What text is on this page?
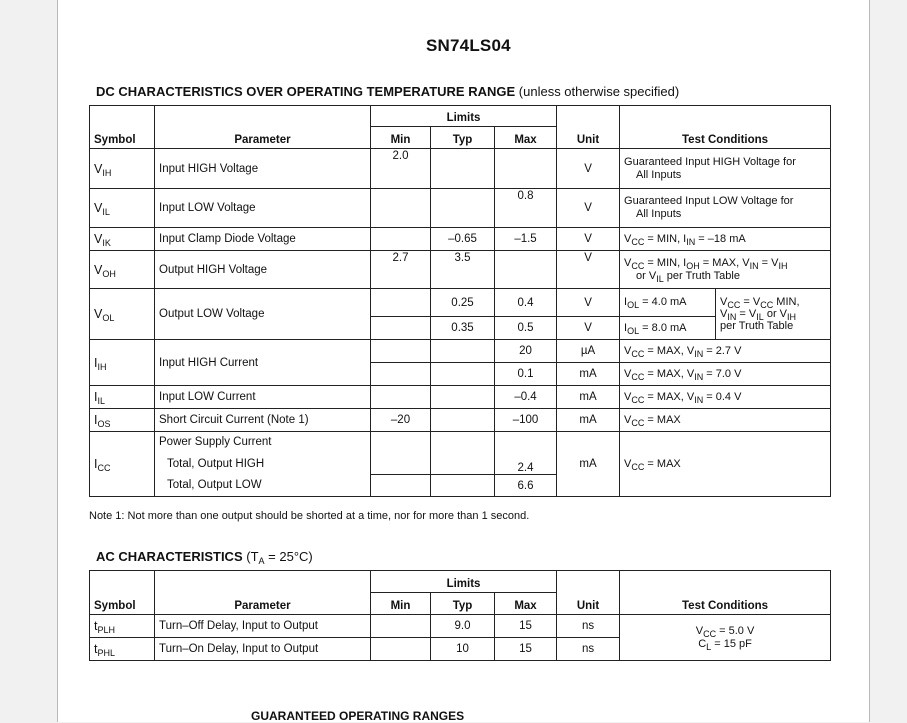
SN74LS04
DC CHARACTERISTICS OVER OPERATING TEMPERATURE RANGE (unless otherwise specified)
		Limits					
Symbol	Parameter	Min	Typ	Max	Unit	Test Conditions	
$V_{IH}$	Input HIGH Voltage	2.0			V	Guaranteed Input HIGH Voltage for
All Inputs	

$V_{IL}$	Input LOW Voltage			0.8	V	Guaranteed Input LOW Voltage for
All Inputs	

$V_{IK}$	Input Clamp Diode Voltage		–0.65	–1.5	V	$V_{CC}$ = MIN, $I_{IN} = -18$ mA	
$V_{OH}$	Output HIGH Voltage	2.7	3.5		V	$V_{CC}$ = MIN, $I_{OH}$ = MAX, $V_{IN} = V_{IH}$
or $V_{IL}$ per Truth Table	

$V_{OL}$	Output LOW Voltage		0.25	0.4	V	$I_{OL} = 4.0$ mA	$V_{CC} = V_{CC}$ MIN,
$V_{IN} = V_{IL}$ or $V_{IH}$
per Truth Table

			0.35	0.5	V	$I_{OL} = 8.0$ mA	
$I_{IH}$	Input HIGH Current			20	µA	$V_{CC}$ = MAX, $V_{IN} = 2.7$ V	
				0.1	mA	$V_{CC}$ = MAX, $V_{IN} = 7.0$ V	
$I_{IL}$	Input LOW Current			–0.4	mA	$V_{CC}$ = MAX, $V_{IN} = 0.4$ V	
$I_{OS}$	Short Circuit Current (Note 1)	–20		–100	mA	$V_{CC}$ = MAX	
$I_{CC}$	Power Supply Current				mA	$V_{CC}$ = MAX	
	Total, Output HIGH			2.4			
	Total, Output LOW			6.6			
Note 1: Not more than one output should be shorted at a time, nor for more than 1 second.
AC CHARACTERISTICS $(T_A = 25^\circ C)$
		Limits				
Symbol	Parameter	Min	Typ	Max	Unit	Test Conditions
$t_{PLH}$	Turn–Off Delay, Input to Output		9.0	15	ns	$V_{CC} = 5.0$ V
$C_L = 15$ pF

$t_{PHL}$	Turn–On Delay, Input to Output		10	15	ns	
GUARANTEED OPERATING RANGES
